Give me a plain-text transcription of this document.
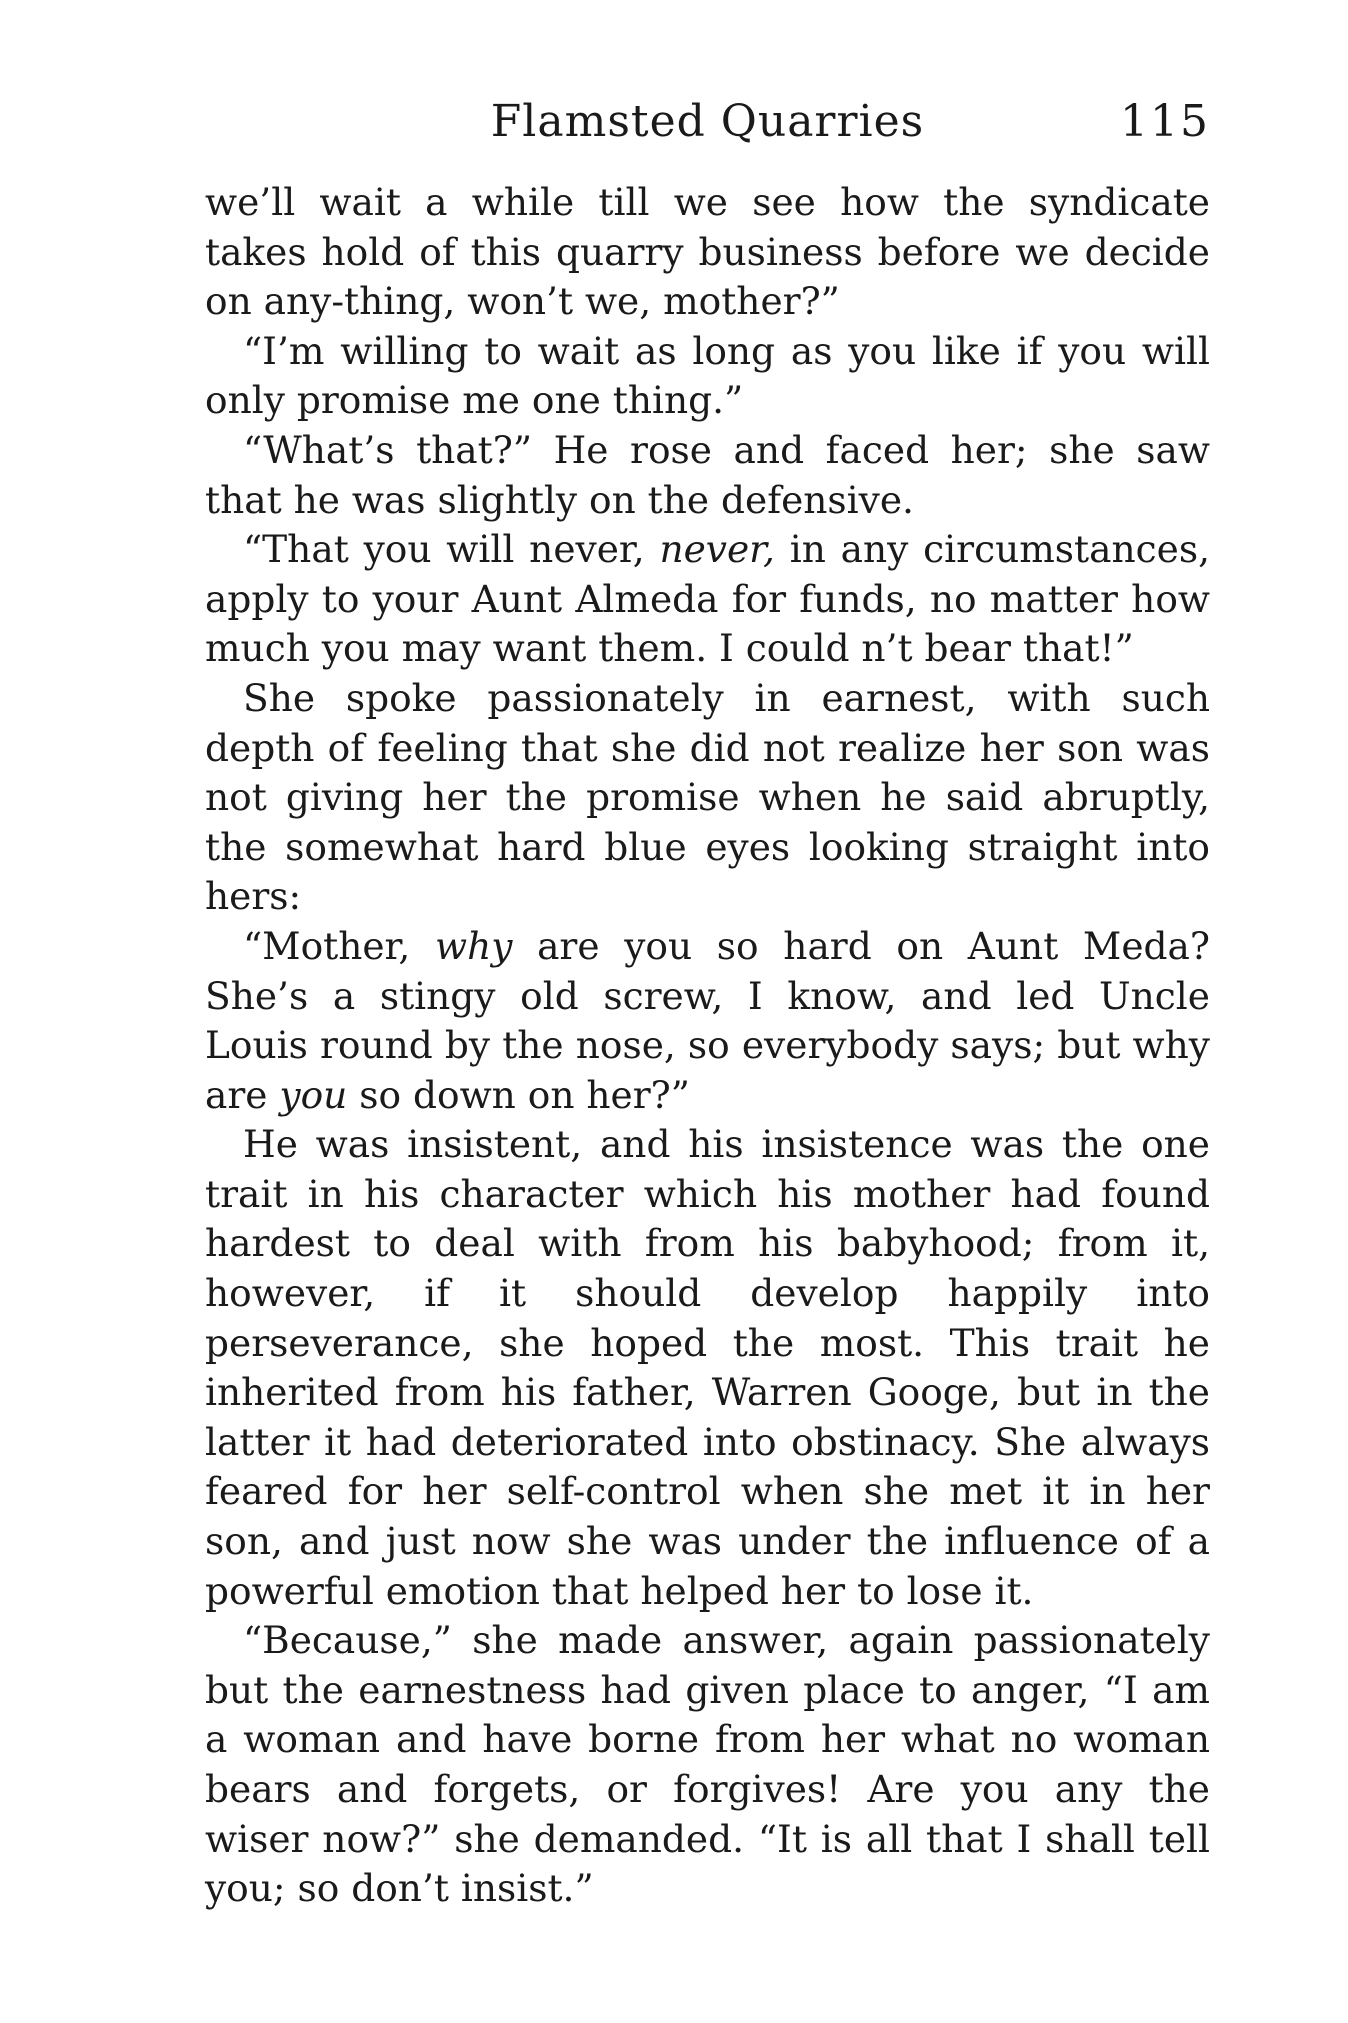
Flamsted Quarries	115

we’ll wait a while till we see how the syndicate takes hold of this quarry business before we decide on any-thing, won’t we, mother?”

“I’m willing to wait as long as you like if you will only promise me one thing.”

“What’s that?” He rose and faced her; she saw that he was slightly on the defensive.

“That you will never, never, in any circumstances, apply to your Aunt Almeda for funds, no matter how much you may want them. I could n’t bear that!”

She spoke passionately in earnest, with such depth of feeling that she did not realize her son was not giving her the promise when he said abruptly, the somewhat hard blue eyes looking straight into hers:

“Mother, why are you so hard on Aunt Meda? She’s a stingy old screw, I know, and led Uncle Louis round by the nose, so everybody says; but why are you so down on her?”

He was insistent, and his insistence was the one trait in his character which his mother had found hardest to deal with from his babyhood; from it, however, if it should develop happily into perseverance, she hoped the most. This trait he inherited from his father, Warren Googe, but in the latter it had deteriorated into obstinacy. She always feared for her self-control when she met it in her son, and just now she was under the influence of a powerful emotion that helped her to lose it.

“Because,” she made answer, again passionately but the earnestness had given place to anger, “I am a woman and have borne from her what no woman bears and forgets, or forgives! Are you any the wiser now?” she demanded. “It is all that I shall tell you; so don’t insist.”
